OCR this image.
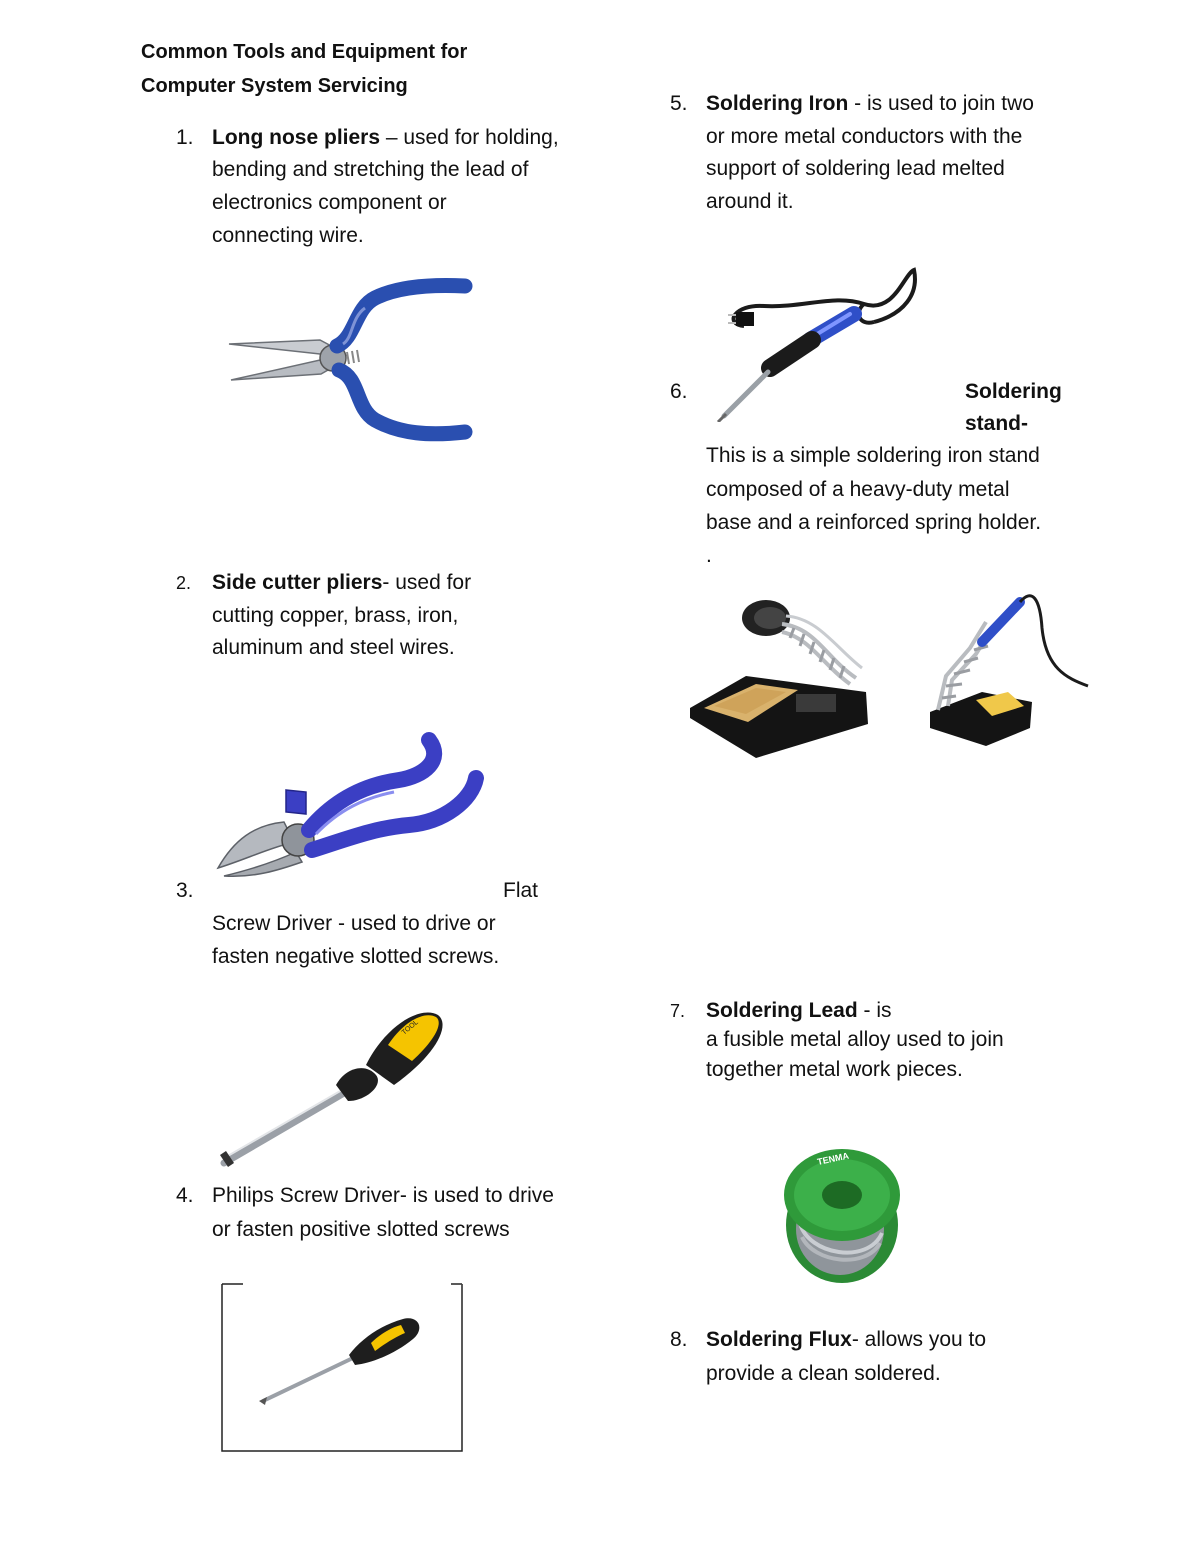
Common Tools and Equipment for
Computer System Servicing
1. Long nose pliers – used for holding,
bending and stretching the lead of
electronics component or
connecting wire.
2. Side cutter pliers- used for
cutting copper, brass, iron,
aluminum and steel wires.
3.	Flat
Screw Driver - used to drive or
fasten negative slotted screws.
TOOL
4. Philips Screw Driver- is used to drive
or fasten positive slotted screws
5. Soldering Iron - is used to join two
or more metal conductors with the
support of soldering lead melted
around it.
6.	Soldering
stand-
This is a simple soldering iron stand
composed of a heavy-duty metal
base and a reinforced spring holder.
.
7. Soldering Lead - is
a fusible metal alloy used to join
together metal work pieces.
TENMA
8. Soldering Flux- allows you to
provide a clean soldered.
